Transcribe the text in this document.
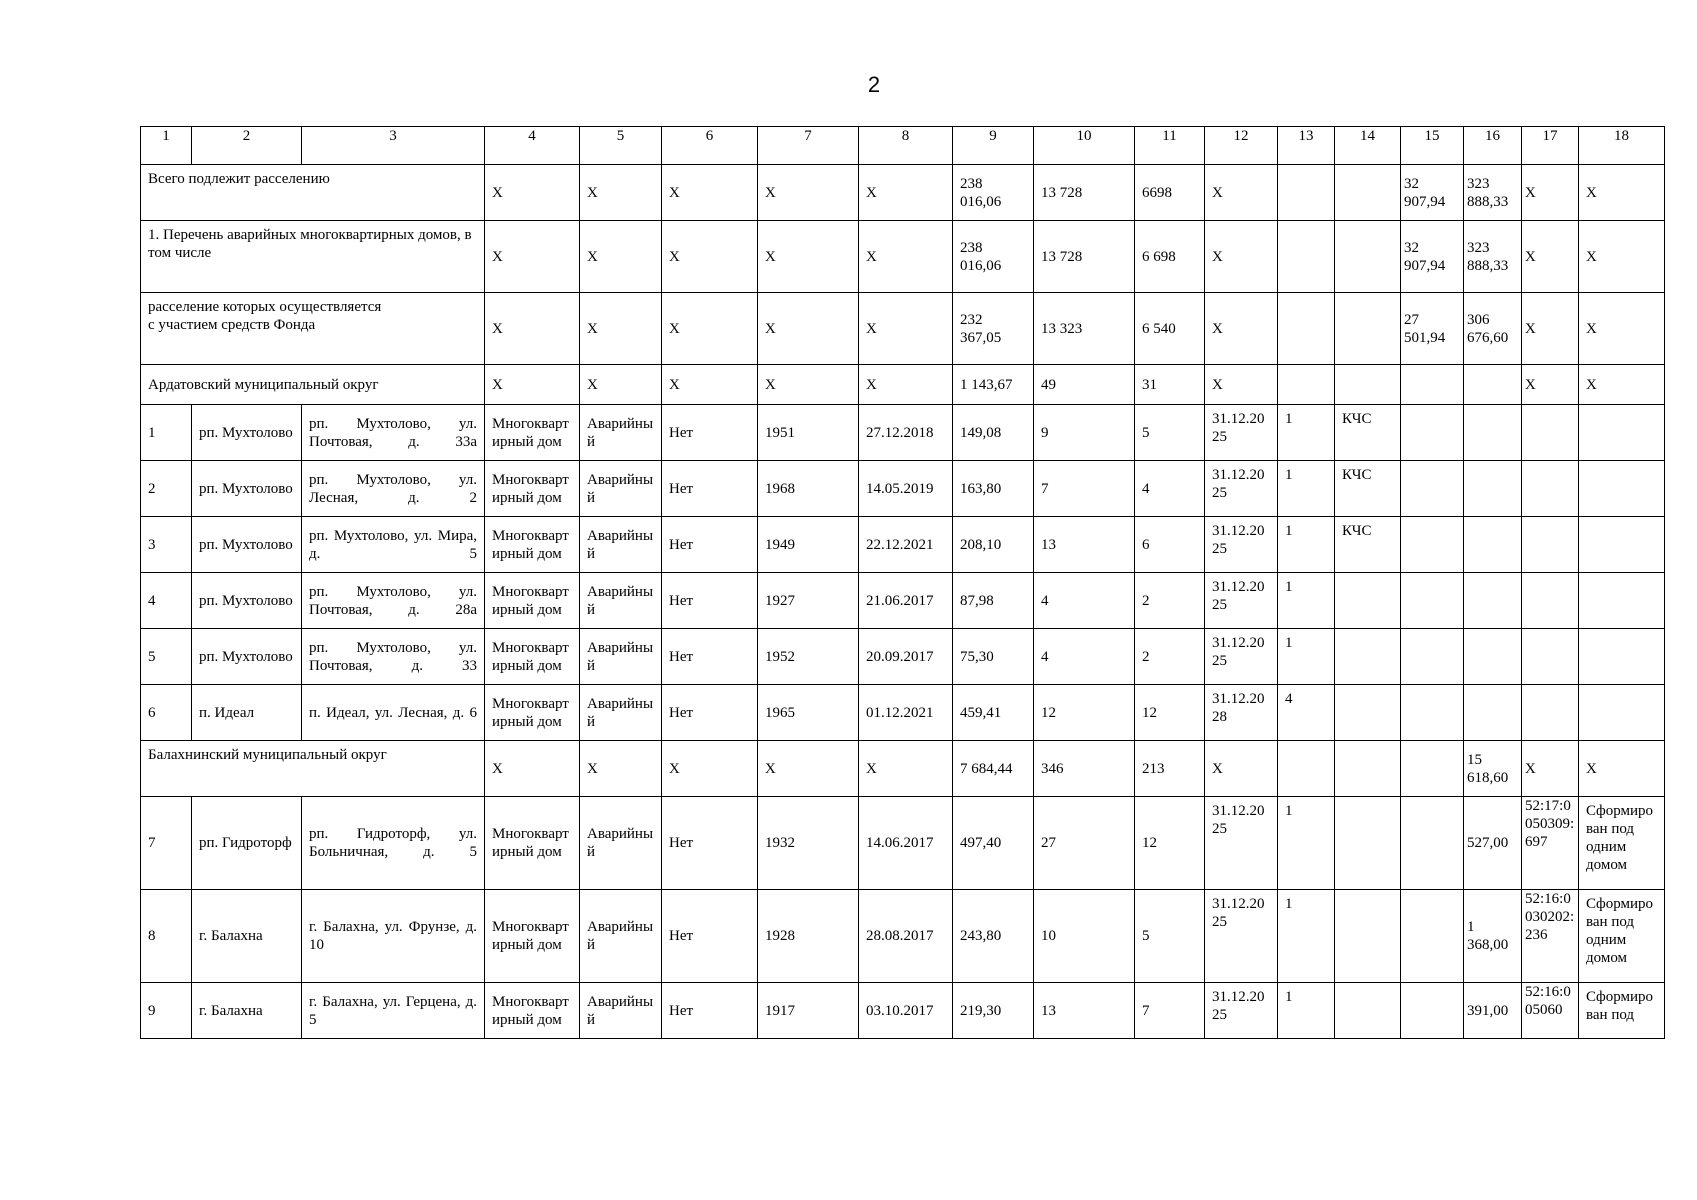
2
1	2	3	4	5	6	7	8	9	10	11	12	13	14	15	16	17	18
Всего подлежит расселению			X	X	X	X	X	238 016,06	13 728	6698	X			32 907,94	323 888,33	X	X
1. Перечень аварийных многоквартирных домов, в том числе			X	X	X	X	X	238 016,06	13 728	6 698	X			32 907,94	323 888,33	X	X
расселение которых осуществляется
с участием средств Фонда			X	X	X	X	X	232 367,05	13 323	6 540	X			27 501,94	306 676,60	X	X
Ардатовский муниципальный округ			X	X	X	X	X	1 143,67	49	31	X					X	X
1	рп. Мухтолово	рп. Мухтолово, ул. Почтовая, д. 33а	Многоквартирный дом	Аварийный	Нет	1951	27.12.2018	149,08	9	5	31.12.2025	1	КЧС				
2	рп. Мухтолово	рп. Мухтолово, ул. Лесная, д. 2	Многоквартирный дом	Аварийный	Нет	1968	14.05.2019	163,80	7	4	31.12.2025	1	КЧС				
3	рп. Мухтолово	рп. Мухтолово, ул. Мира, д. 5	Многоквартирный дом	Аварийный	Нет	1949	22.12.2021	208,10	13	6	31.12.2025	1	КЧС				
4	рп. Мухтолово	рп. Мухтолово, ул. Почтовая, д. 28а	Многоквартирный дом	Аварийный	Нет	1927	21.06.2017	87,98	4	2	31.12.2025	1					
5	рп. Мухтолово	рп. Мухтолово, ул. Почтовая, д. 33	Многоквартирный дом	Аварийный	Нет	1952	20.09.2017	75,30	4	2	31.12.2025	1					
6	п. Идеал	п. Идеал, ул. Лесная, д. 6	Многоквартирный дом	Аварийный	Нет	1965	01.12.2021	459,41	12	12	31.12.2028	4					
Балахнинский муниципальный округ			X	X	X	X	X	7 684,44	346	213	X				15 618,60	X	X
7	рп. Гидроторф	рп. Гидроторф, ул. Больничная, д. 5	Многоквартирный дом	Аварийный	Нет	1932	14.06.2017	497,40	27	12	31.12.2025	1			527,00	52:17:0050309:697	Сформирован под одним домом
8	г. Балахна	г. Балахна, ул. Фрунзе, д. 10	Многоквартирный дом	Аварийный	Нет	1928	28.08.2017	243,80	10	5	31.12.2025	1			1 368,00	52:16:0030202:236	Сформирован под одним домом
9	г. Балахна	г. Балахна, ул. Герцена, д. 5	Многоквартирный дом	Аварийный	Нет	1917	03.10.2017	219,30	13	7	31.12.2025	1			391,00	52:16:005060	Сформирован под
